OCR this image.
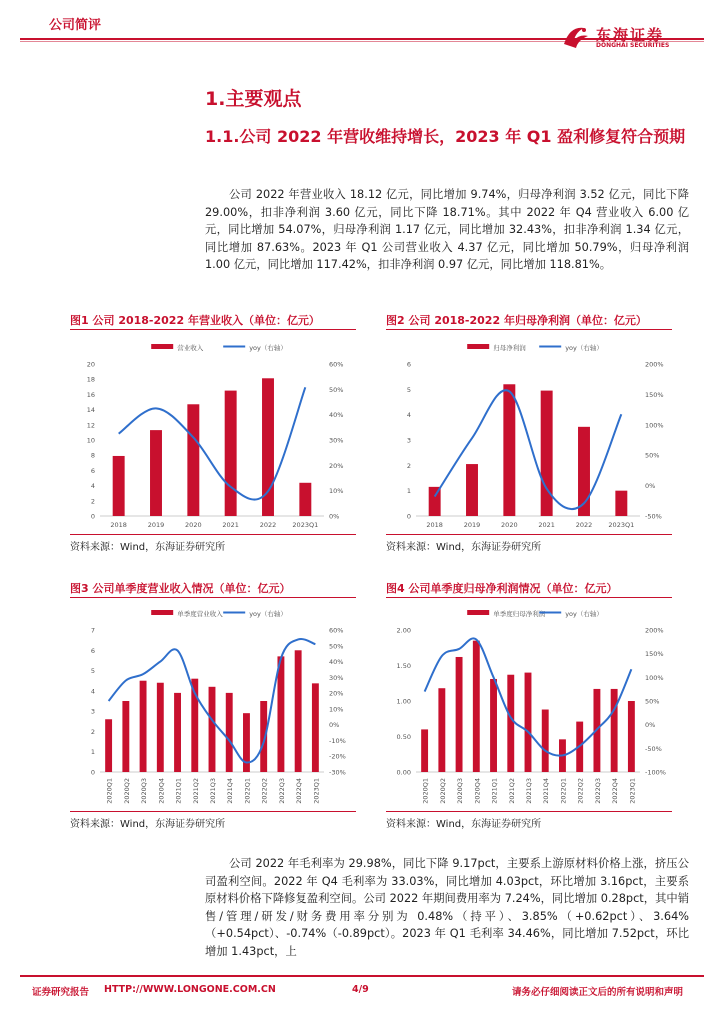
公司简评
东海证券
DONGHAI SECURITIES
1.主要观点
1.1.公司 2022 年营收维持增长，2023 年 Q1 盈利修复符合预期
公司 2022 年营业收入 18.12 亿元，同比增加 9.74%，归母净利润 3.52 亿元，同比下降 29.00%，扣非净利润 3.60 亿元，同比下降 18.71%。其中 2022 年 Q4 营业收入 6.00 亿元，同比增加 54.07%，归母净利润 1.17 亿元，同比增加 32.43%，扣非净利润 1.34 亿元，同比增加 87.63%。2023 年 Q1 公司营业收入 4.37 亿元，同比增加 50.79%，归母净利润 1.00 亿元，同比增加 117.42%，扣非净利润 0.97 亿元，同比增加 118.81%。
图1 公司 2018-2022 年营业收入（单位：亿元）
营业收入	yoy（右轴）
0
2
4
6
8
10
12
14
16
18
20
0%
10%
20%
30%
40%
50%
60%
2018	2019	2020	2021	2022 2023Q1
资料来源：Wind，东海证券研究所
图2 公司 2018-2022 年归母净利润（单位：亿元）
归母净利润	yoy（右轴）
0
1
2
3
4
5
6
-50%
0%
50%
100%
150%
200%
2018	2019	2020	2021	2022 2023Q1
资料来源：Wind，东海证券研究所
图3 公司单季度营业收入情况（单位：亿元）
单季度营业收入	yoy（右轴）
0
1
2
3
4
5
6
7
-30%
-20%
-10%
0%
10%
20%
30%
40%
50%
60%
2020Q1 2020Q2 2020Q3 2020Q4 2021Q1 2021Q2 2021Q3 2021Q4 2022Q1 2022Q2 2022Q3 2022Q4 2023Q1
资料来源：Wind，东海证券研究所
图4 公司单季度归母净利润情况（单位：亿元）
单季度归母净利润	yoy（右轴）
0.00
0.50
1.00
1.50
2.00
-100%
-50%
0%
50%
100%
150%
200%
2020Q1 2020Q2 2020Q3 2020Q4 2021Q1 2021Q2 2021Q3 2021Q4 2022Q1 2022Q2 2022Q3 2022Q4 2023Q1
资料来源：Wind，东海证券研究所
公司 2022 年毛利率为 29.98%，同比下降 9.17pct，主要系上游原材料价格上涨，挤压公司盈利空间。2022 年 Q4 毛利率为 33.03%，同比增加 4.03pct，环比增加 3.16pct，主要系原材料价格下降修复盈利空间。公司 2022 年期间费用率为 7.24%，同比增加 0.28pct，其中销售/管理/研发/财务费用率分别为 0.48%（持平）、3.85%（+0.62pct）、3.64%（+0.54pct）、-0.74%（-0.89pct）。2023 年 Q1 毛利率 34.46%，同比增加 7.52pct，环比增加 1.43pct，上
证券研究报告 HTTP://WWW.LONGONE.COM.CN	4/9	请务必仔细阅读正文后的所有说明和声明
